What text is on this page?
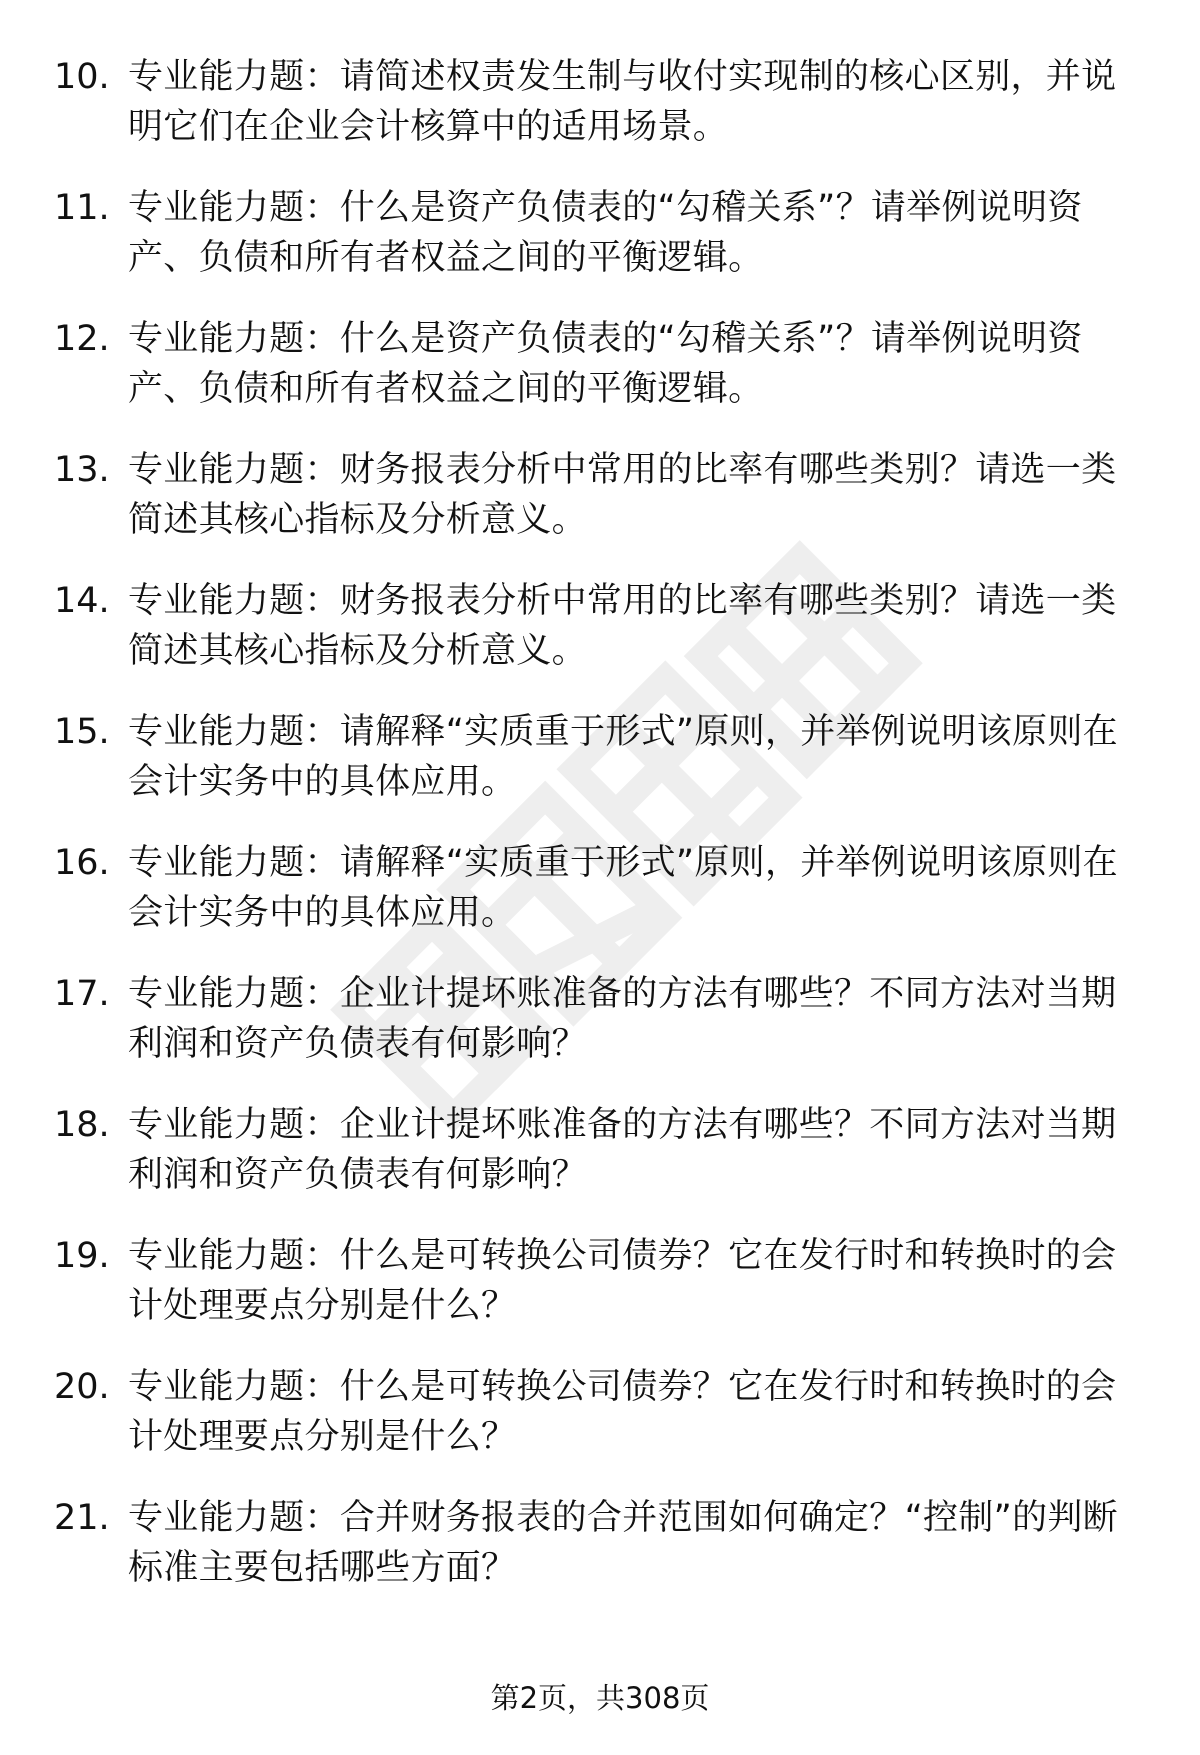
10. 专业能力题：请简述权责发生制与收付实现制的核心区别，并说明它们在企业会计核算中的适用场景。
11. 专业能力题：什么是资产负债表的“勾稽关系”？请举例说明资产、负债和所有者权益之间的平衡逻辑。
12. 专业能力题：什么是资产负债表的“勾稽关系”？请举例说明资产、负债和所有者权益之间的平衡逻辑。
13. 专业能力题：财务报表分析中常用的比率有哪些类别？请选一类简述其核心指标及分析意义。
14. 专业能力题：财务报表分析中常用的比率有哪些类别？请选一类简述其核心指标及分析意义。
15. 专业能力题：请解释“实质重于形式”原则，并举例说明该原则在会计实务中的具体应用。
16. 专业能力题：请解释“实质重于形式”原则，并举例说明该原则在会计实务中的具体应用。
17. 专业能力题：企业计提坏账准备的方法有哪些？不同方法对当期利润和资产负债表有何影响？
18. 专业能力题：企业计提坏账准备的方法有哪些？不同方法对当期利润和资产负债表有何影响？
19. 专业能力题：什么是可转换公司债券？它在发行时和转换时的会计处理要点分别是什么？
20. 专业能力题：什么是可转换公司债券？它在发行时和转换时的会计处理要点分别是什么？
21. 专业能力题：合并财务报表的合并范围如何确定？“控制”的判断标准主要包括哪些方面？
第2页，共308页
